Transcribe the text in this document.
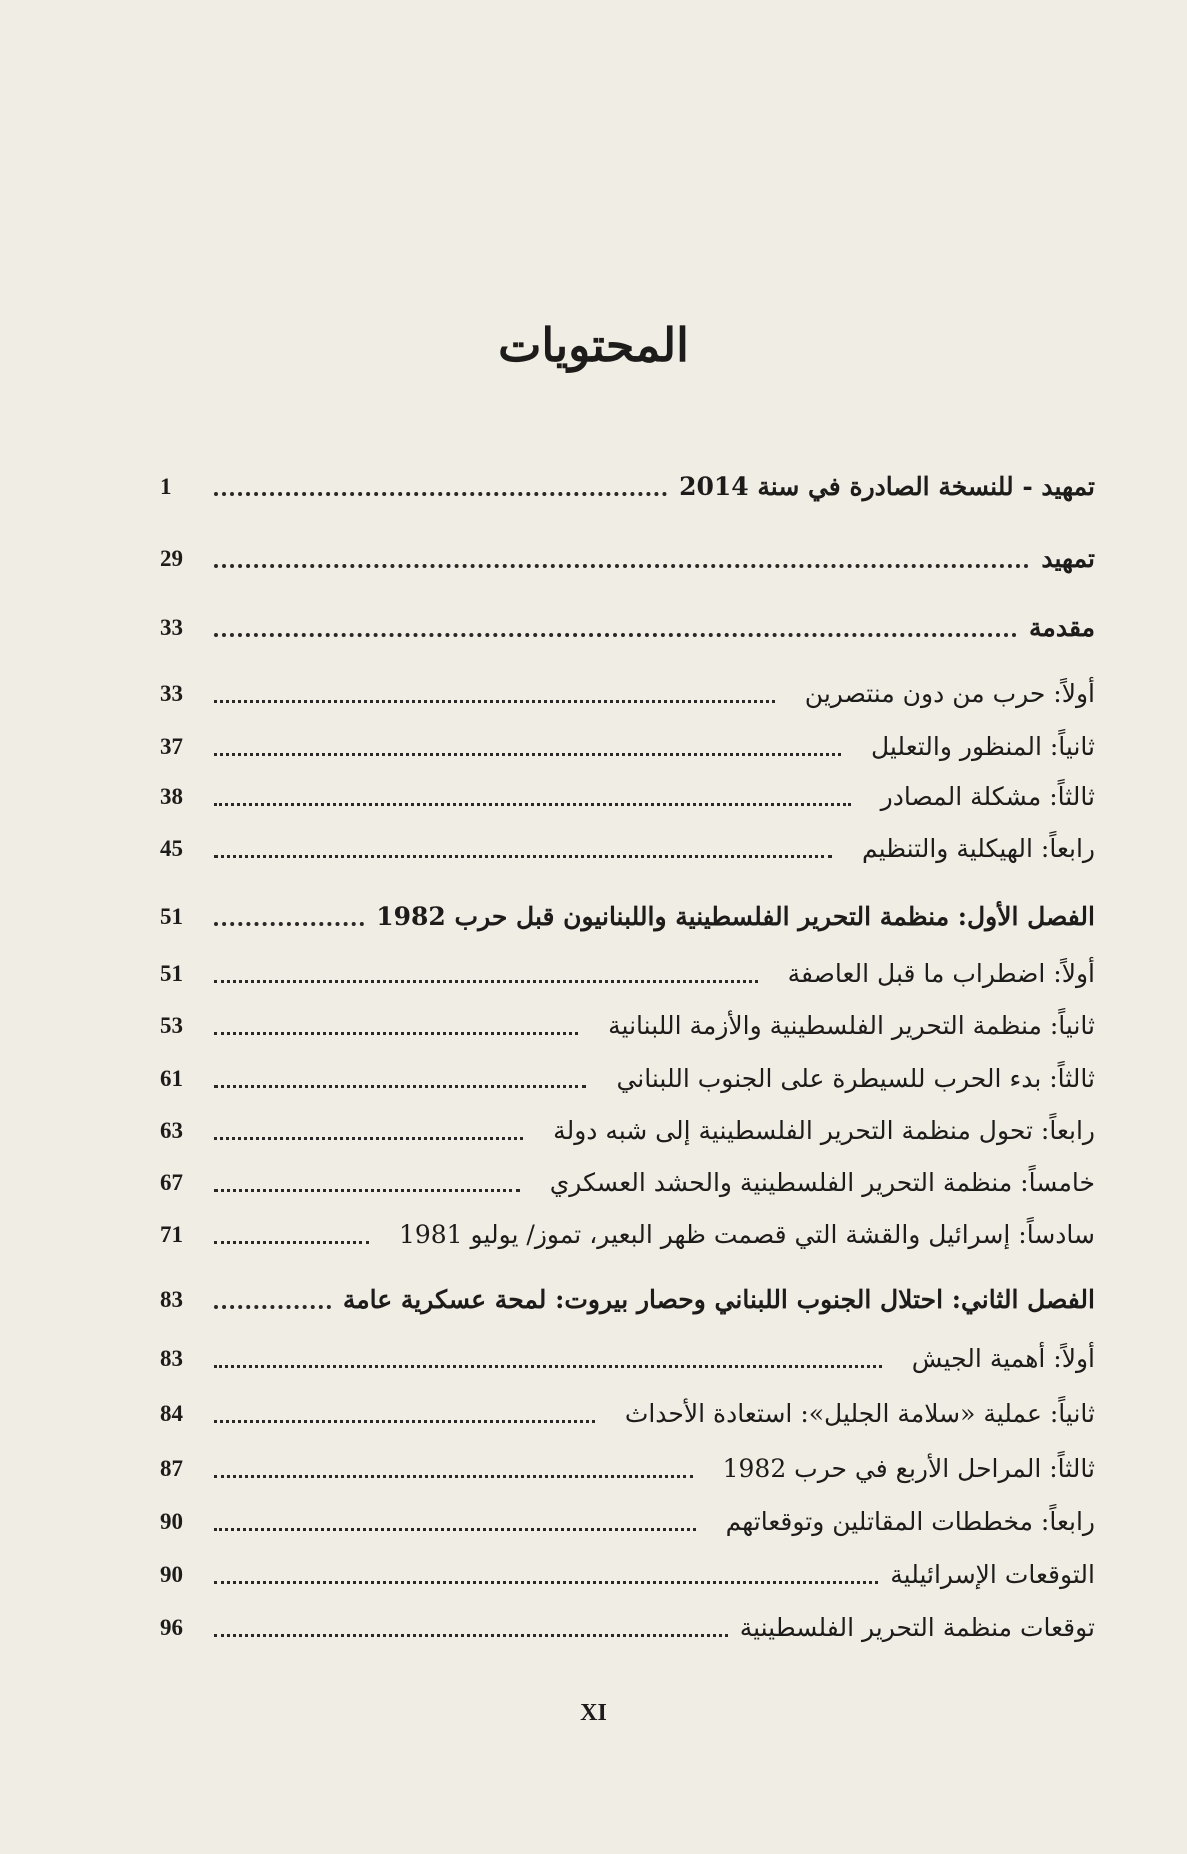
المحتويات
تمهيد - للنسخة الصادرة في سنة 2014
1
تمهيد
29
مقدمة
33
أولاً: حرب من دون منتصرين
33
ثانياً: المنظور والتعليل
37
ثالثاً: مشكلة المصادر
38
رابعاً: الهيكلية والتنظيم
45
الفصل الأول: منظمة التحرير الفلسطينية واللبنانيون قبل حرب 1982
51
أولاً: اضطراب ما قبل العاصفة
51
ثانياً: منظمة التحرير الفلسطينية والأزمة اللبنانية
53
ثالثاً: بدء الحرب للسيطرة على الجنوب اللبناني
61
رابعاً: تحول منظمة التحرير الفلسطينية إلى شبه دولة
63
خامساً: منظمة التحرير الفلسطينية والحشد العسكري
67
سادساً: إسرائيل والقشة التي قصمت ظهر البعير، تموز/ يوليو 1981
71
الفصل الثاني: احتلال الجنوب اللبناني وحصار بيروت: لمحة عسكرية عامة
83
أولاً: أهمية الجيش
83
ثانياً: عملية «سلامة الجليل»: استعادة الأحداث
84
ثالثاً: المراحل الأربع في حرب 1982
87
رابعاً: مخططات المقاتلين وتوقعاتهم
90
التوقعات الإسرائيلية
90
توقعات منظمة التحرير الفلسطينية
96
XI
